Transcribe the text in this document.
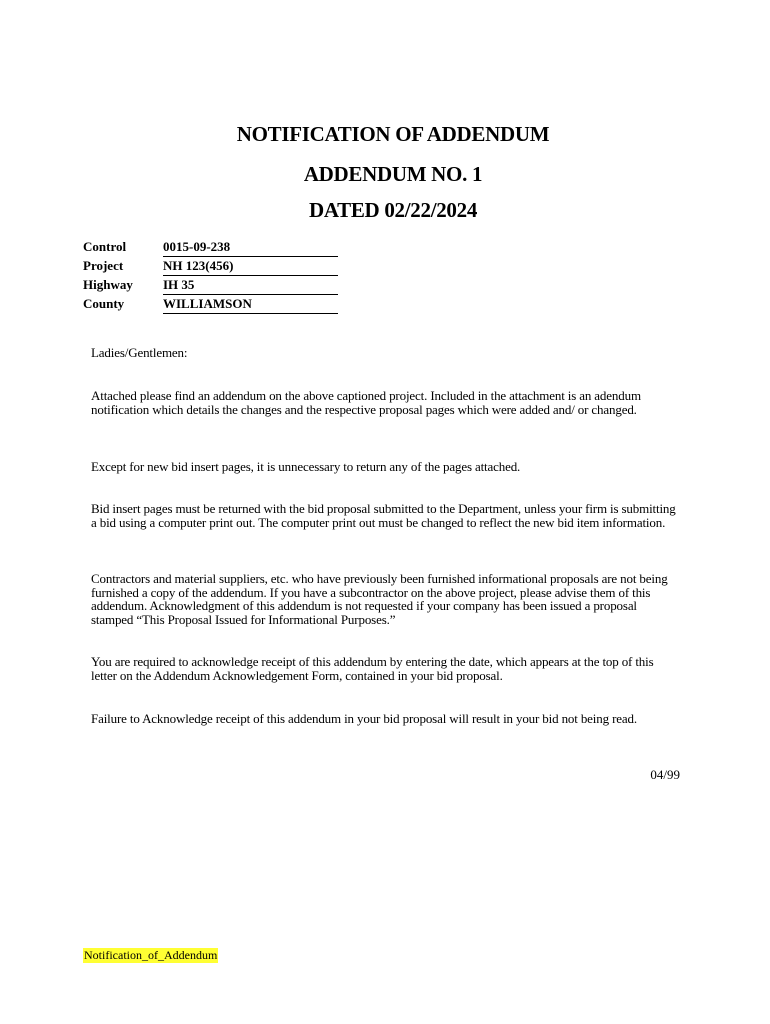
NOTIFICATION OF ADDENDUM
ADDENDUM NO. 1
DATED 02/22/2024
Control	0015-09-238
Project	NH 123(456)
Highway IH 35
County	WILLIAMSON
Ladies/Gentlemen:
Attached please find an addendum on the above captioned project. Included in the attachment is an adendum notification which details the changes and the respective proposal pages which were added and/ or changed.
Except for new bid insert pages, it is unnecessary to return any of the pages attached.
Bid insert pages must be returned with the bid proposal submitted to the Department, unless your firm is submitting a bid using a computer print out. The computer print out must be changed to reflect the new bid item information.
Contractors and material suppliers, etc. who have previously been furnished informational proposals are not being furnished a copy of the addendum. If you have a subcontractor on the above project, please advise them of this addendum. Acknowledgment of this addendum is not requested if your company has been issued a proposal stamped “This Proposal Issued for Informational Purposes.”
You are required to acknowledge receipt of this addendum by entering the date, which appears at the top of this letter on the Addendum Acknowledgement Form, contained in your bid proposal.
Failure to Acknowledge receipt of this addendum in your bid proposal will result in your bid not being read.
04/99
Notification_of_Addendum
